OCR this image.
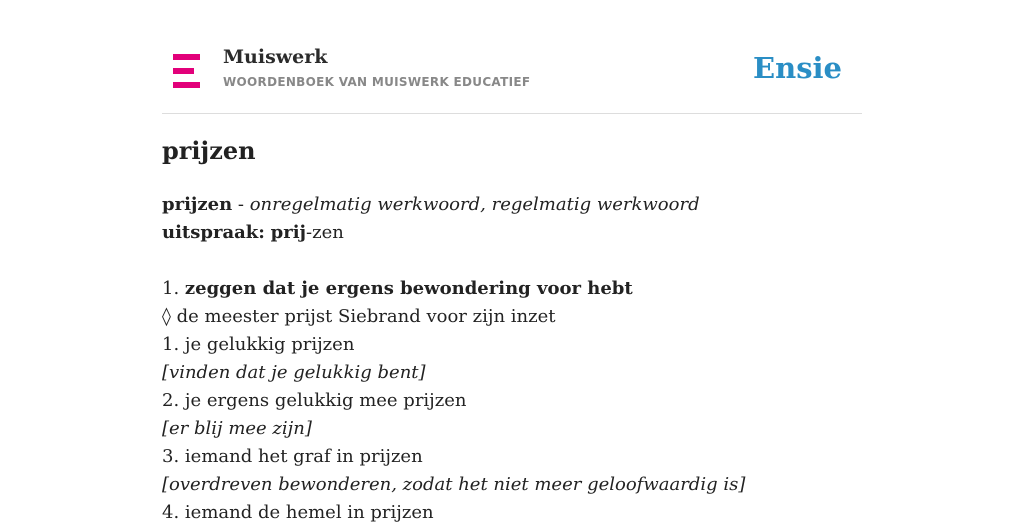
Muiswerk
WOORDENBOEK VAN MUISWERK EDUCATIEF	Ensie
prijzen
prijzen - onregelmatig werkwoord, regelmatig werkwoord
uitspraak: prij-zen
1. zeggen dat je ergens bewondering voor hebt
◊ de meester prijst Siebrand voor zijn inzet
1. je gelukkig prijzen
[vinden dat je gelukkig bent]
2. je ergens gelukkig mee prijzen
[er blij mee zijn]
3. iemand het graf in prijzen
[overdreven bewonderen, zodat het niet meer geloofwaardig is]
4. iemand de hemel in prijzen
